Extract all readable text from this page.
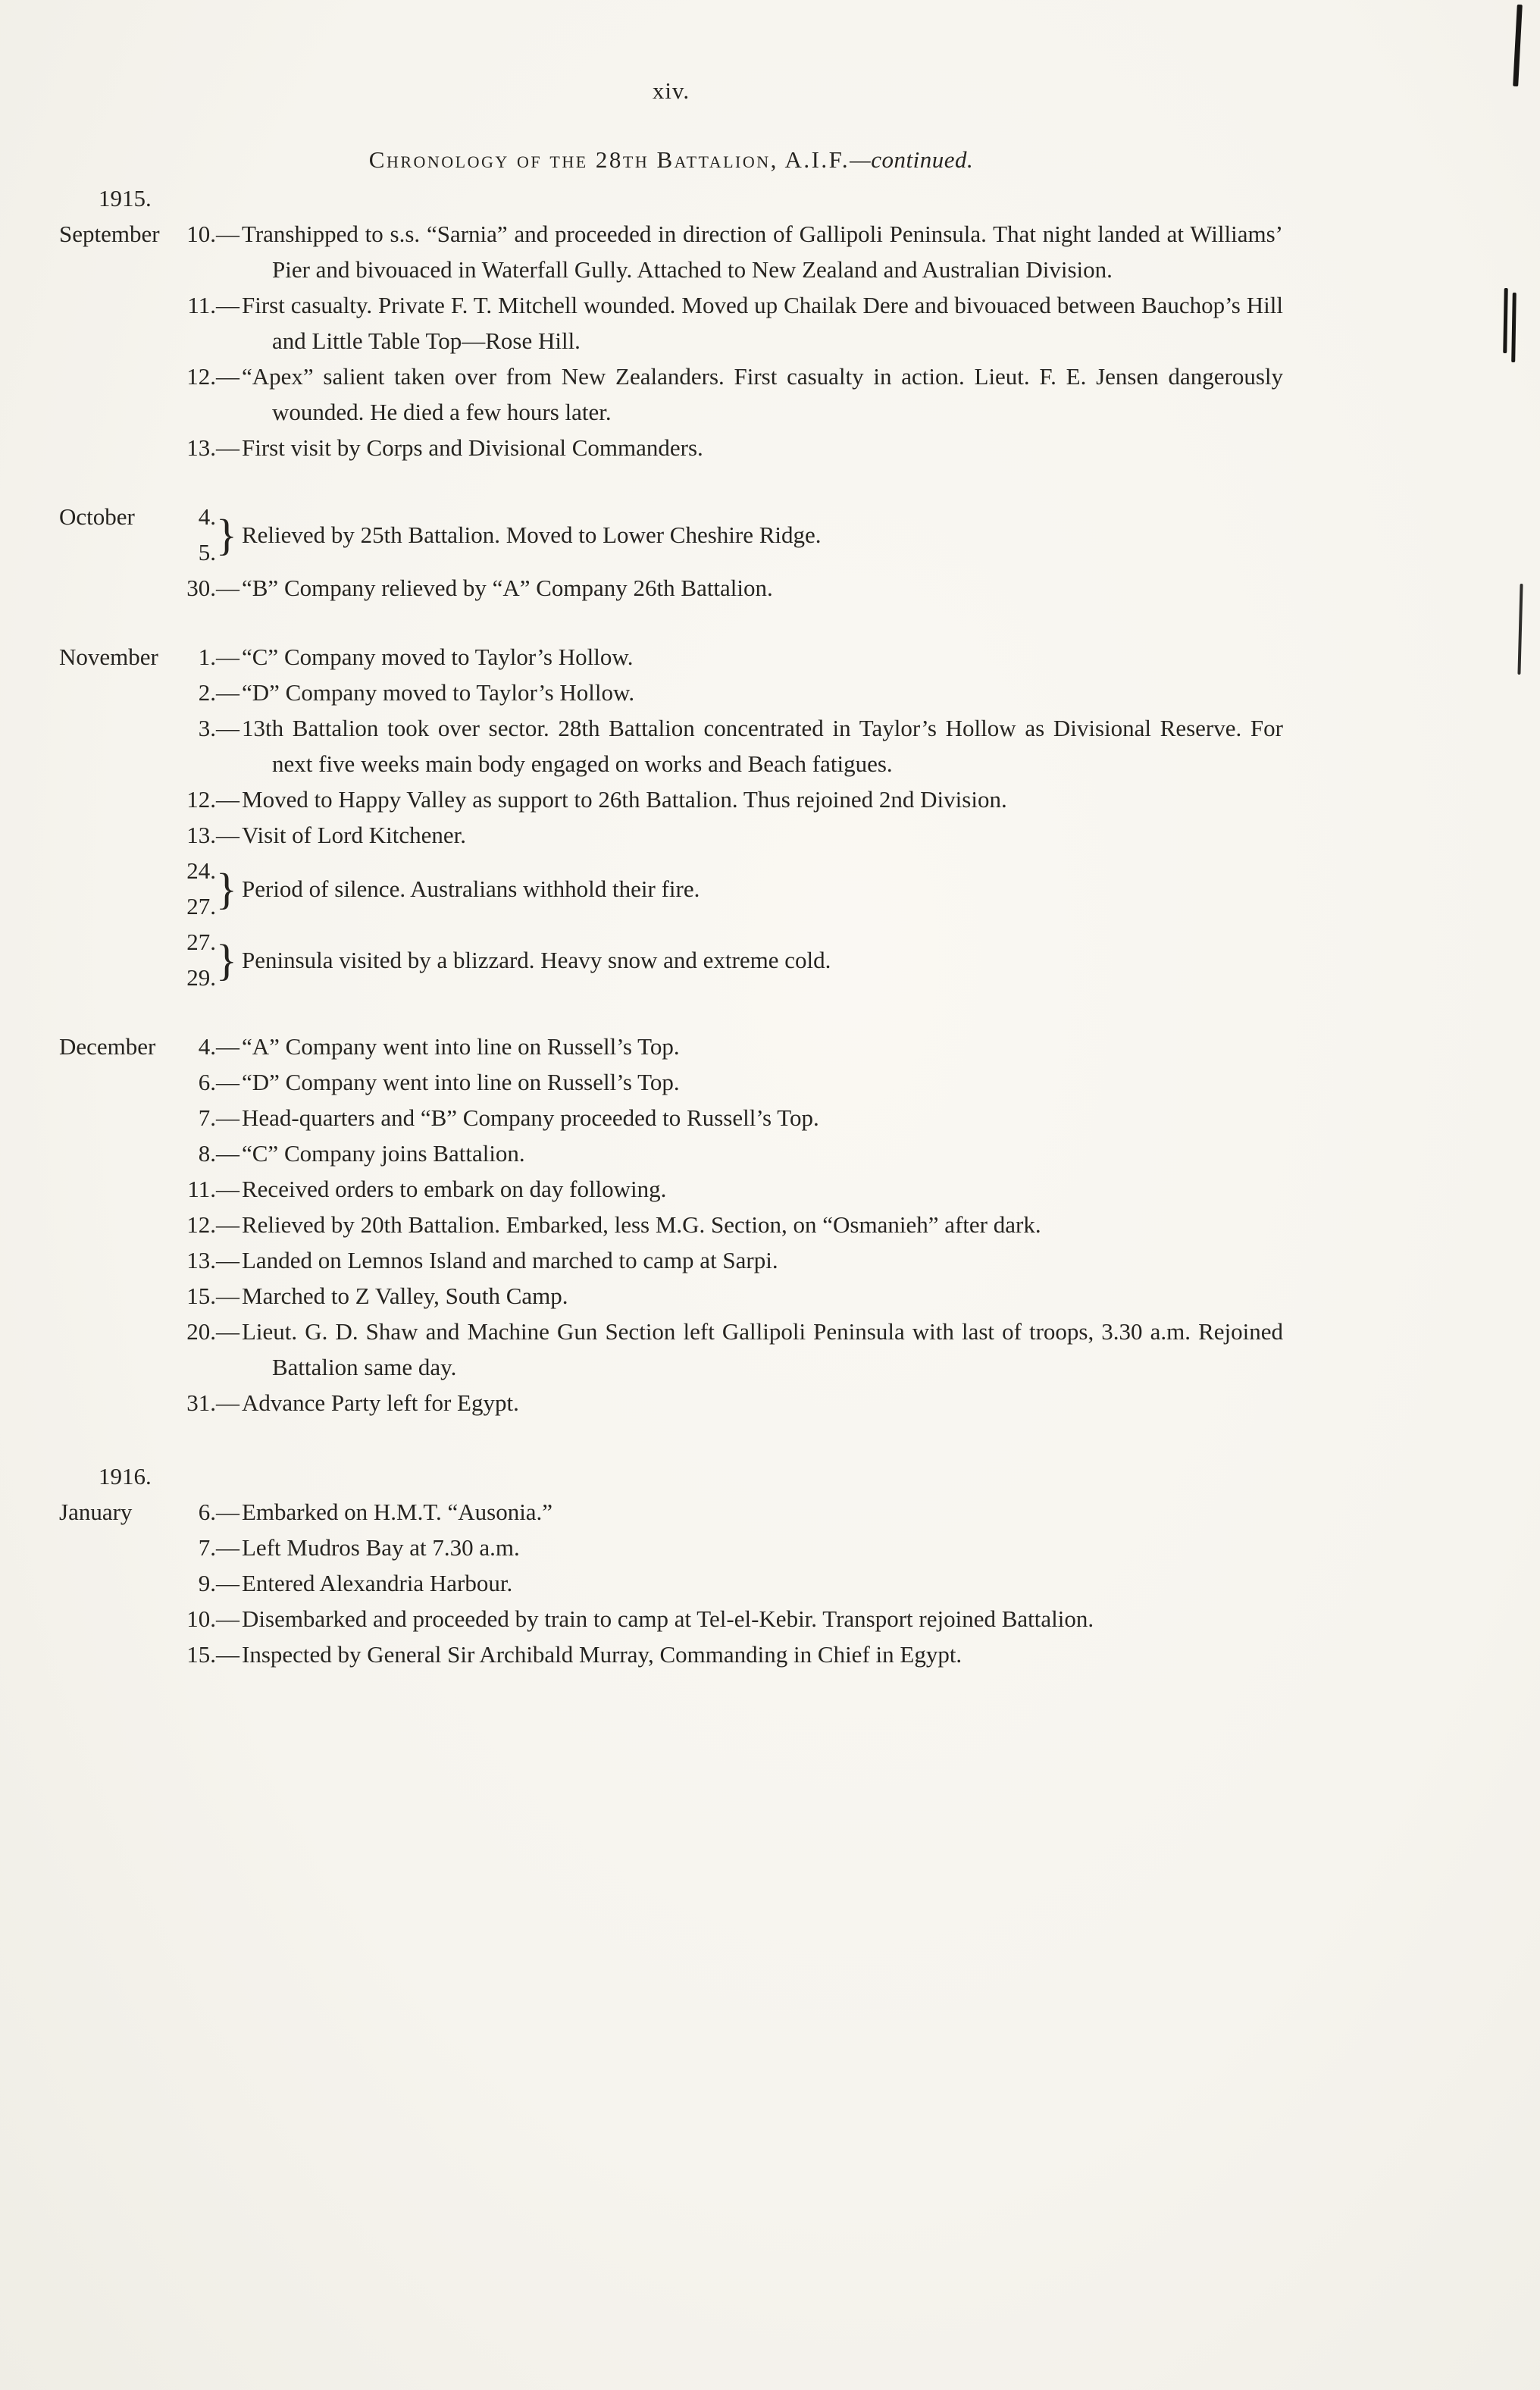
xiv.
Chronology of the 28th Battalion, A.I.F.—continued.
1915.
September	10. — Transhipped to s.s. “Sarnia” and proceeded in direction of Gallipoli Peninsula. That night landed at Williams’ Pier and bivouaced in Waterfall Gully. Attached to New Zealand and Australian Division.
11. — First casualty. Private F. T. Mitchell wounded. Moved up Chailak Dere and bivouaced between Bauchop’s Hill and Little Table Top—Rose Hill.
12. — “Apex” salient taken over from New Zealanders. First casualty in action. Lieut. F. E. Jensen dangerously wounded. He died a few hours later.
13. — First visit by Corps and Divisional Commanders.
October	4.
5. } Relieved by 25th Battalion. Moved to Lower Cheshire Ridge.
30. — “B” Company relieved by “A” Company 26th Battalion.
November	1. — “C” Company moved to Taylor’s Hollow.
2. — “D” Company moved to Taylor’s Hollow.
3. — 13th Battalion took over sector. 28th Battalion concentrated in Taylor’s Hollow as Divisional Reserve. For next five weeks main body engaged on works and Beach fatigues.
12. — Moved to Happy Valley as support to 26th Battalion. Thus rejoined 2nd Division.
13. — Visit of Lord Kitchener.
24.
27. } Period of silence. Australians withhold their fire.
27.
29. } Peninsula visited by a blizzard. Heavy snow and extreme cold.
December	4. — “A” Company went into line on Russell’s Top.
6. — “D” Company went into line on Russell’s Top.
7. — Head-quarters and “B” Company proceeded to Russell’s Top.
8. — “C” Company joins Battalion.
11. — Received orders to embark on day following.
12. — Relieved by 20th Battalion. Embarked, less M.G. Section, on “Osmanieh” after dark.
13. — Landed on Lemnos Island and marched to camp at Sarpi.
15. — Marched to Z Valley, South Camp.
20. — Lieut. G. D. Shaw and Machine Gun Section left Gallipoli Peninsula with last of troops, 3.30 a.m. Rejoined Battalion same day.
31. — Advance Party left for Egypt.
1916.
January	6. — Embarked on H.M.T. “Ausonia.”
7. — Left Mudros Bay at 7.30 a.m.
9. — Entered Alexandria Harbour.
10. — Disembarked and proceeded by train to camp at Tel-el-Kebir. Transport rejoined Battalion.
15. — Inspected by General Sir Archibald Murray, Commanding in Chief in Egypt.
